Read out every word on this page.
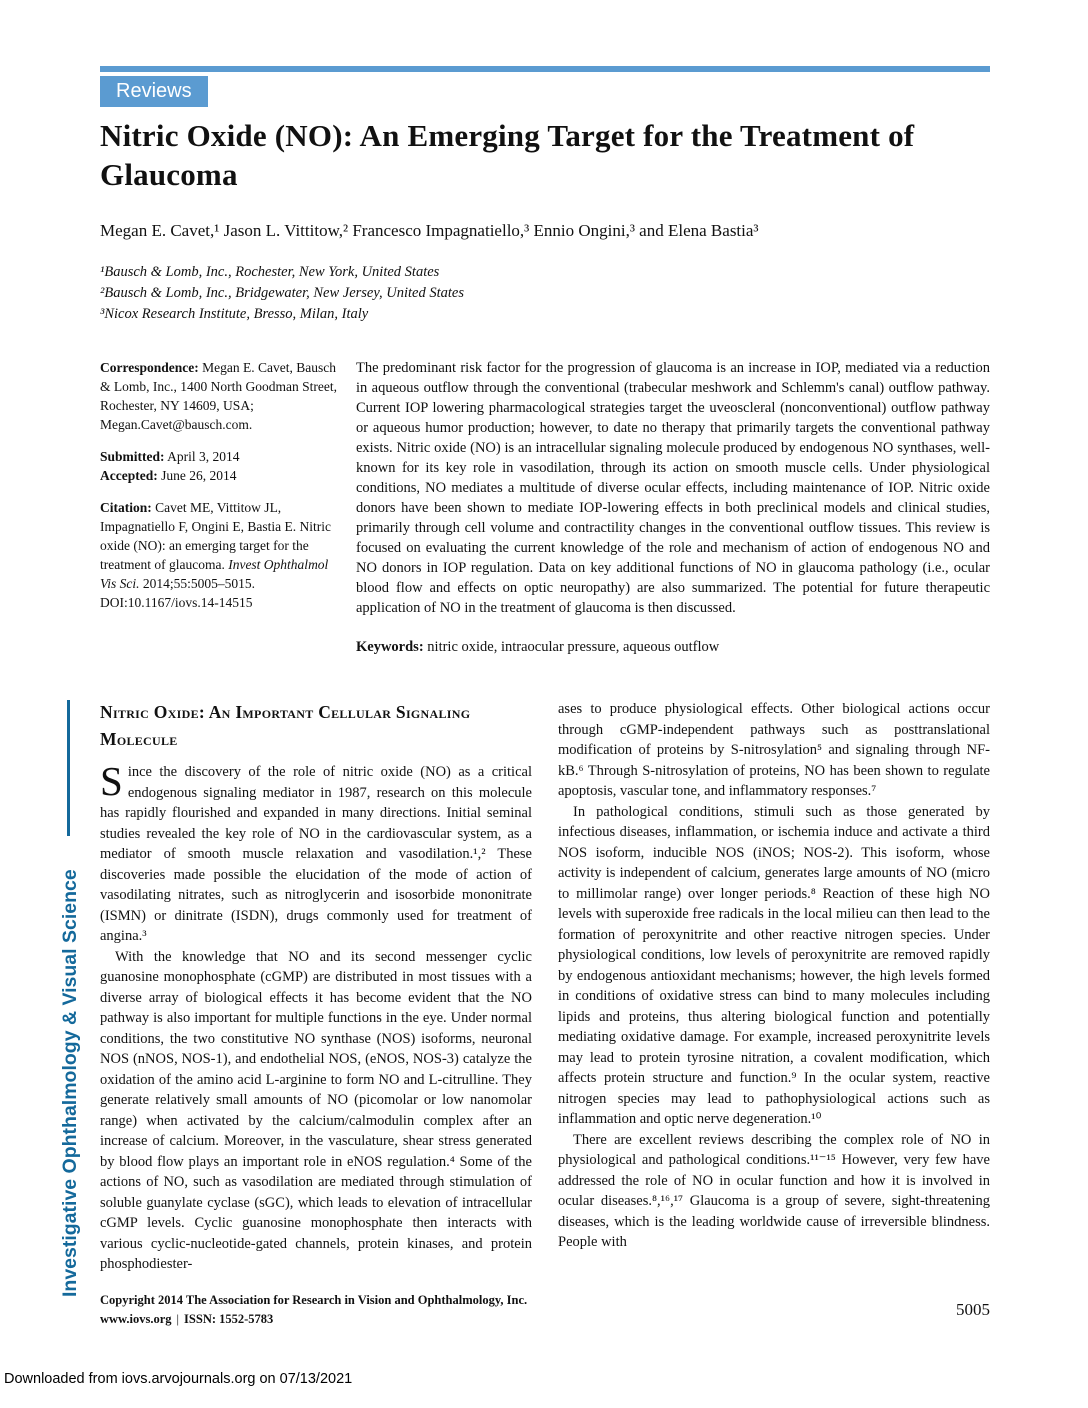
Reviews
Nitric Oxide (NO): An Emerging Target for the Treatment of Glaucoma
Megan E. Cavet,¹ Jason L. Vittitow,² Francesco Impagnatiello,³ Ennio Ongini,³ and Elena Bastia³
¹Bausch & Lomb, Inc., Rochester, New York, United States
²Bausch & Lomb, Inc., Bridgewater, New Jersey, United States
³Nicox Research Institute, Bresso, Milan, Italy

Correspondence: Megan E. Cavet, Bausch & Lomb, Inc., 1400 North Goodman Street, Rochester, NY 14609, USA; Megan.Cavet@bausch.com.

Submitted: April 3, 2014

Accepted: June 26, 2014

Citation: Cavet ME, Vittitow JL, Impagnatiello F, Ongini E, Bastia E. Nitric oxide (NO): an emerging target for the treatment of glaucoma. Invest Ophthalmol Vis Sci. 2014;55:5005–5015. DOI:10.1167/iovs.14-14515

The predominant risk factor for the progression of glaucoma is an increase in IOP, mediated via a reduction in aqueous outflow through the conventional (trabecular meshwork and Schlemm's canal) outflow pathway. Current IOP lowering pharmacological strategies target the uveoscleral (nonconventional) outflow pathway or aqueous humor production; however, to date no therapy that primarily targets the conventional pathway exists. Nitric oxide (NO) is an intracellular signaling molecule produced by endogenous NO synthases, well-known for its key role in vasodilation, through its action on smooth muscle cells. Under physiological conditions, NO mediates a multitude of diverse ocular effects, including maintenance of IOP. Nitric oxide donors have been shown to mediate IOP-lowering effects in both preclinical models and clinical studies, primarily through cell volume and contractility changes in the conventional outflow tissues. This review is focused on evaluating the current knowledge of the role and mechanism of action of endogenous NO and NO donors in IOP regulation. Data on key additional functions of NO in glaucoma pathology (i.e., ocular blood flow and effects on optic neuropathy) are also summarized. The potential for future therapeutic application of NO in the treatment of glaucoma is then discussed.

Keywords: nitric oxide, intraocular pressure, aqueous outflow

Nitric Oxide: An Important Cellular Signaling Molecule

Since the discovery of the role of nitric oxide (NO) as a critical endogenous signaling mediator in 1987, research on this molecule has rapidly flourished and expanded in many directions. Initial seminal studies revealed the key role of NO in the cardiovascular system, as a mediator of smooth muscle relaxation and vasodilation.¹,² These discoveries made possible the elucidation of the mode of action of vasodilating nitrates, such as nitroglycerin and isosorbide mononitrate (ISMN) or dinitrate (ISDN), drugs commonly used for treatment of angina.³

With the knowledge that NO and its second messenger cyclic guanosine monophosphate (cGMP) are distributed in most tissues with a diverse array of biological effects it has become evident that the NO pathway is also important for multiple functions in the eye. Under normal conditions, the two constitutive NO synthase (NOS) isoforms, neuronal NOS (nNOS, NOS-1), and endothelial NOS, (eNOS, NOS-3) catalyze the oxidation of the amino acid L-arginine to form NO and L-citrulline. They generate relatively small amounts of NO (picomolar or low nanomolar range) when activated by the calcium/calmodulin complex after an increase of calcium. Moreover, in the vasculature, shear stress generated by blood flow plays an important role in eNOS regulation.⁴ Some of the actions of NO, such as vasodilation are mediated through stimulation of soluble guanylate cyclase (sGC), which leads to elevation of intracellular cGMP levels. Cyclic guanosine monophosphate then interacts with various cyclic-nucleotide-gated channels, protein kinases, and protein phosphodiester-

ases to produce physiological effects. Other biological actions occur through cGMP-independent pathways such as posttranslational modification of proteins by S-nitrosylation⁵ and signaling through NF-kB.⁶ Through S-nitrosylation of proteins, NO has been shown to regulate apoptosis, vascular tone, and inflammatory responses.⁷

In pathological conditions, stimuli such as those generated by infectious diseases, inflammation, or ischemia induce and activate a third NOS isoform, inducible NOS (iNOS; NOS-2). This isoform, whose activity is independent of calcium, generates large amounts of NO (micro to millimolar range) over longer periods.⁸ Reaction of these high NO levels with superoxide free radicals in the local milieu can then lead to the formation of peroxynitrite and other reactive nitrogen species. Under physiological conditions, low levels of peroxynitrite are removed rapidly by endogenous antioxidant mechanisms; however, the high levels formed in conditions of oxidative stress can bind to many molecules including lipids and proteins, thus altering biological function and potentially mediating oxidative damage. For example, increased peroxynitrite levels may lead to protein tyrosine nitration, a covalent modification, which affects protein structure and function.⁹ In the ocular system, reactive nitrogen species may lead to pathophysiological actions such as inflammation and optic nerve degeneration.¹⁰

There are excellent reviews describing the complex role of NO in physiological and pathological conditions.¹¹⁻¹⁵ However, very few have addressed the role of NO in ocular function and how it is involved in ocular diseases.⁸,¹⁶,¹⁷ Glaucoma is a group of severe, sight-threatening diseases, which is the leading worldwide cause of irreversible blindness. People with

Copyright 2014 The Association for Research in Vision and Ophthalmology, Inc.
www.iovs.org | ISSN: 1552-5783	5005
Investigative Ophthalmology & Visual Science
Downloaded from iovs.arvojournals.org on 07/13/2021
